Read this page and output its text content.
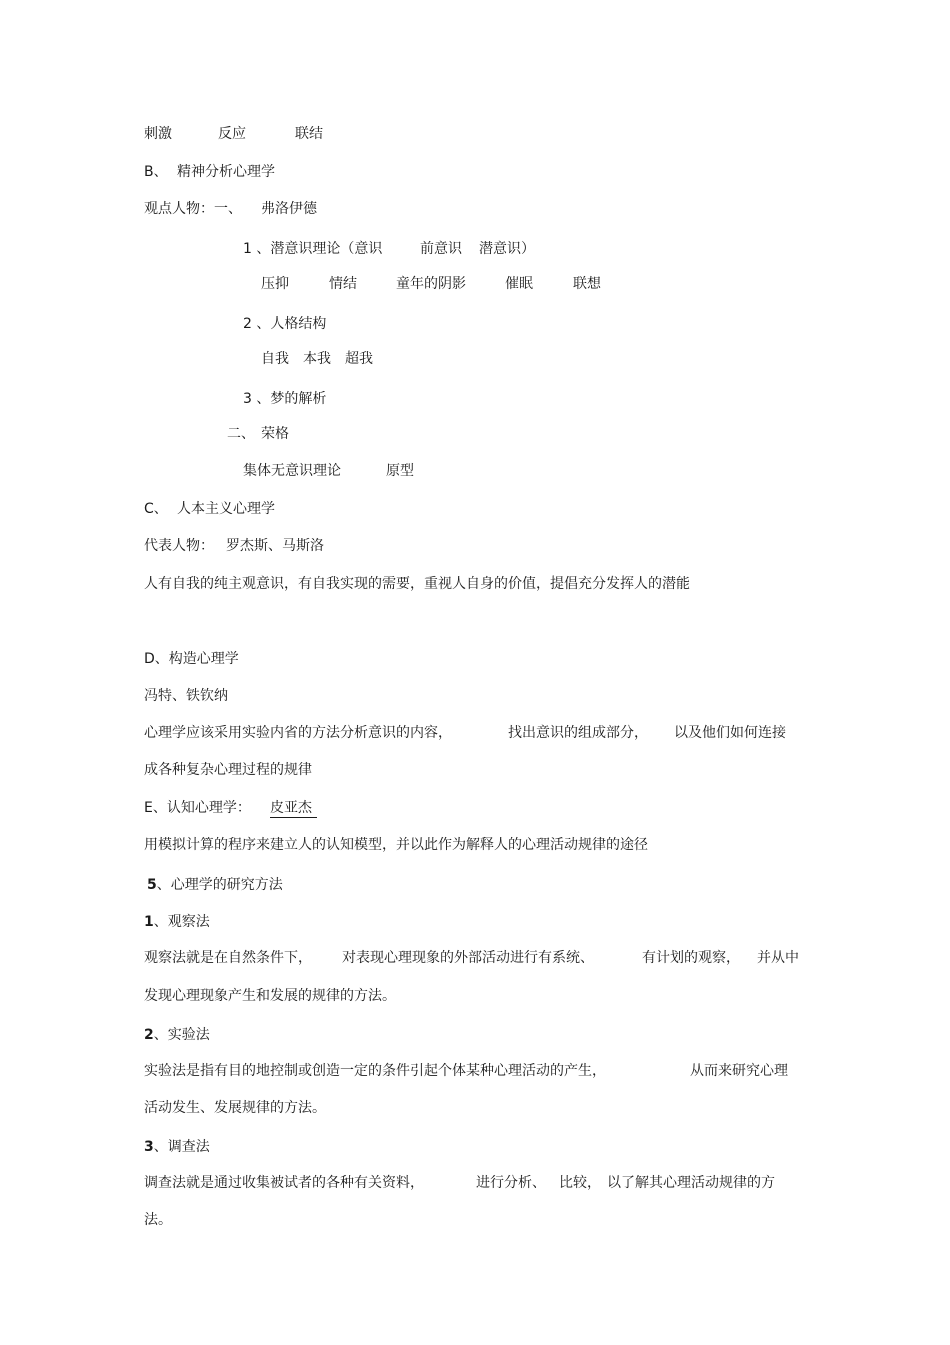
刺激	反应	联结
B、 精神分析心理学
观点人物：一、 弗洛伊德
1 、潜意识理论（意识	前意识 潜意识）
压抑	情结	童年的阴影	催眠	联想
2 、人格结构
自我 本我 超我
3 、梦的解析
二、 荣格
集体无意识理论	原型
C、 人本主义心理学
代表人物： 罗杰斯、马斯洛
人有自我的纯主观意识，有自我实现的需要，重视人自身的价值，提倡充分发挥人的潜能
D、构造心理学
冯特、铁钦纳
心理学应该采用实验内省的方法分析意识的内容，	找出意识的组成部分， 以及他们如何连接
成各种复杂心理过程的规律
E、认知心理学： 皮亚杰
用模拟计算的程序来建立人的认知模型，并以此作为解释人的心理活动规律的途径
5、心理学的研究方法
1、观察法
观察法就是在自然条件下， 对表现心理现象的外部活动进行有系统、	有计划的观察， 并从中
发现心理现象产生和发展的规律的方法。
2、实验法
实验法是指有目的地控制或创造一定的条件引起个体某种心理活动的产生，	从而来研究心理
活动发生、发展规律的方法。
3、调查法
调查法就是通过收集被试者的各种有关资料，	进行分析、 比较， 以了解其心理活动规律的方
法。
